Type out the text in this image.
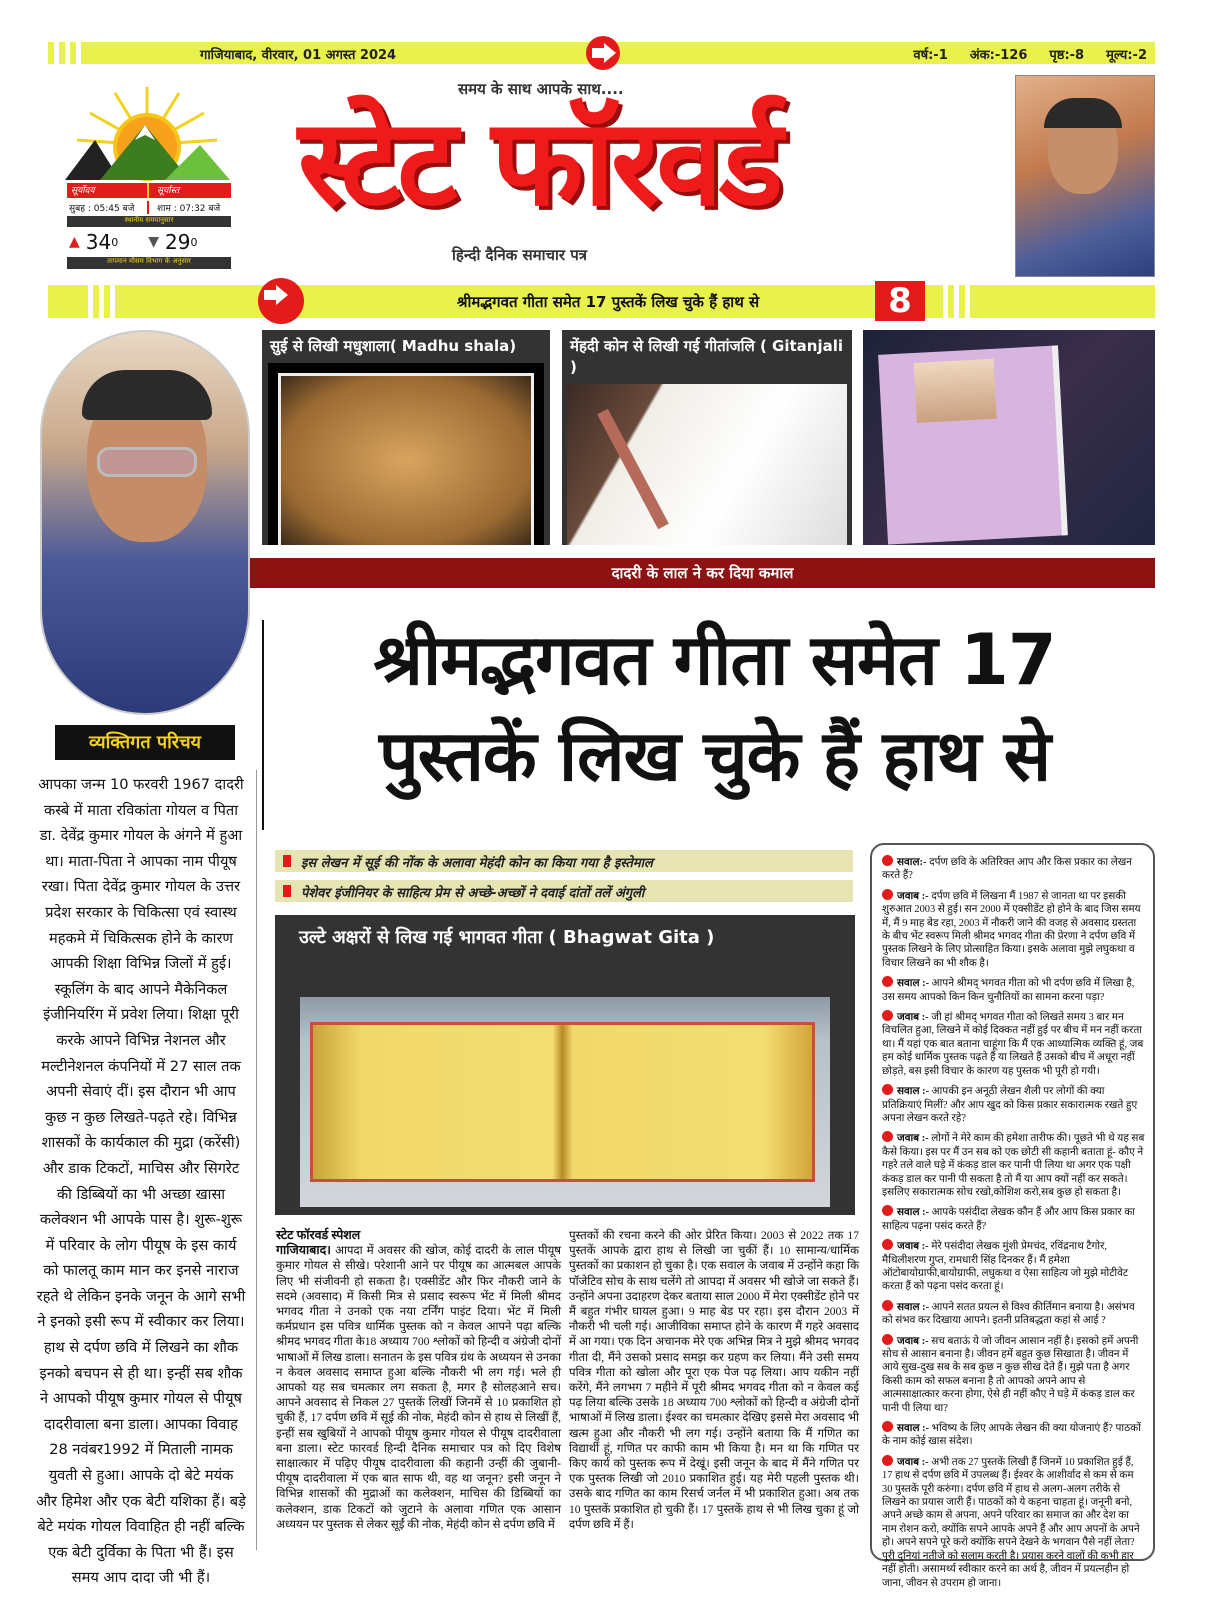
गाजियाबाद, वीरवार, 01 अगस्त 2024	वर्ष:-1 अंक:-126 पृष्ठ:-8 मूल्य:-2
सूर्योदय	सूर्यास्त
सुबह : 05:45 बजे	शाम : 07:32 बजे
स्थानीय समयानुसार
▲ 34 0 ▼ 29 0
तापमान मौसम विभाग के अनुसार
समय के साथ आपके साथ....
स्टेट फॉरवर्ड
हिन्दी दैनिक समाचार पत्र
श्रीमद्भगवत गीता समेत 17 पुस्तकें लिख चुके हैं हाथ से	8
व्यक्तिगत परिचय
आपका जन्म 10 फरवरी 1967 दादरी कस्बे में माता रविकांता गोयल व पिता डा. देवेंद्र कुमार गोयल के अंगने में हुआ था। माता-पिता ने आपका नाम पीयूष रखा। पिता देवेंद्र कुमार गोयल के उत्तर प्रदेश सरकार के चिकित्सा एवं स्वास्थ महकमे में चिकित्सक होने के कारण आपकी शिक्षा विभिन्न जिलों में हुई। स्कूलिंग के बाद आपने मैकेनिकल इंजीनियरिंग में प्रवेश लिया। शिक्षा पूरी करके आपने विभिन्न नेशनल और मल्टीनेशनल कंपनियों में 27 साल तक अपनी सेवाएं दीं। इस दौरान भी आप कुछ न कुछ लिखते-पढ़ते रहे। विभिन्न शासकों के कार्यकाल की मुद्रा (करेंसी) और डाक टिकटों, माचिस और सिगरेट की डिब्बियों का भी अच्छा खासा कलेक्शन भी आपके पास है। शुरू-शुरू में परिवार के लोग पीयूष के इस कार्य को फालतू काम मान कर इनसे नाराज रहते थे लेकिन इनके जनून के आगे सभी ने इनको इसी रूप में स्वीकार कर लिया। हाथ से दर्पण छवि में लिखने का शौक इनको बचपन से ही था। इन्हीं सब शौक ने आपको पीयूष कुमार गोयल से पीयूष दादरीवाला बना डाला। आपका विवाह 28 नवंबर1992 में मिताली नामक युवती से हुआ। आपके दो बेटे मयंक और हिमेश और एक बेटी यशिका हैं। बड़े बेटे मयंक गोयल विवाहित ही नहीं बल्कि एक बेटी दुर्विका के पिता भी हैं। इस समय आप दादा जी भी हैं।
सुई से लिखी मधुशाला( Madhu shala)	मेंहदी कोन से लिखी गई गीतांजलि ( Gitanjali )
दादरी के लाल ने कर दिया कमाल
श्रीमद्भगवत गीता समेत 17
पुस्तकें लिख चुके हैं हाथ से
इस लेखन में सूई की नोंक के अलावा मेहंदी कोन का किया गया है इस्तेमाल
पेशेवर इंजीनियर के साहित्य प्रेम से अच्छे-अच्छों ने दवाई दांतों तलें अंगुली
उल्टे अक्षरों से लिख गई भागवत गीता ( Bhagwat Gita )
स्टेट फॉरवर्ड स्पेशल
गाजियाबाद। आपदा में अवसर की खोज, कोई दादरी के लाल पीयूष कुमार गोयल से सीखे। परेशानी आने पर पीयूष का आत्मबल आपके लिए भी संजीवनी हो सकता है। एक्सीडेंट और फिर नौकरी जाने के सदमे (अवसाद) में किसी मित्र से प्रसाद स्वरूप भेंट में मिली श्रीमद भगवद गीता ने उनको एक नया टर्निंग पाइंट दिया। भेंट में मिली कर्मप्रधान इस पवित्र धार्मिक पुस्तक को न केवल आपने पढ़ा बल्कि श्रीमद भगवद गीता के18 अध्याय 700 श्लोकों को हिन्दी व अंग्रेजी दोनों भाषाओं में लिख डाला। सनातन के इस पवित्र ग्रंथ के अध्ययन से उनका न केवल अवसाद समाप्त हुआ बल्कि नौकरी भी लग गई। भले ही आपको यह सब चमत्कार लग सकता है, मगर है सोलहआने सच। आपने अवसाद से निकल 27 पुस्तकें लिखीं जिनमें से 10 प्रकाशित हो चुकी हैं, 17 दर्पण छवि में सूई की नोक, मेहंदी कोन से हाथ से लिखीं हैं, इन्हीं सब खुबियों ने आपको पीयूष कुमार गोयल से पीयूष दादरीवाला बना डाला। स्टेट फारवर्ड हिन्दी दैनिक समाचार पत्र को दिए विशेष साक्षात्कार में पढ़िए पीयूष दादरीवाला की कहानी उन्हीं की जुबानी- पीयूष दादरीवाला में एक बात साफ थी, वह था जनून? इसी जनून ने विभिन्न शासकों की मुद्राओं का कलेक्शन, माचिस की डिब्बियों का कलेक्शन, डाक टिकटों को जुटाने के अलावा गणित एक आसान अध्ययन पर पुस्तक से लेकर सूईं की नोक, मेहंदी कोन से दर्पण छवि में
पुस्तकों की रचना करने की ओर प्रेरित किया। 2003 से 2022 तक 17 पुस्तकें आपके द्वारा हाथ से लिखी जा चुकीं हैं। 10 सामान्य/धार्मिक पुस्तकों का प्रकाशन हो चुका है। एक सवाल के जवाब में उन्होंने कहा कि पॉजेटिव सोच के साथ चलेंगे तो आपदा में अवसर भी खोजे जा सकते हैं। उन्होंने अपना उदाहरण देकर बताया साल 2000 में मेरा एक्सीडेंट होने पर मैं बहुत गंभीर घायल हुआ। 9 माह बेड पर रहा। इस दौरान 2003 में नौकरी भी चली गई। आजीविका समाप्त होने के कारण मैं गहरे अवसाद में आ गया। एक दिन अचानक मेरे एक अभिन्न मित्र ने मुझे श्रीमद भगवद गीता दी, मैंने उसको प्रसाद समझ कर ग्रहण कर लिया। मैंने उसी समय पवित्र गीता को खोला और पूरा एक पेज पढ़ लिया। आप यकीन नहीं करेंगे, मैंने लगभग 7 महीने में पूरी श्रीमद भगवद गीता को न केवल कई पढ़ लिया बल्कि उसके 18 अध्याय 700 श्लोकों को हिन्दी व अंग्रेजी दोनों भाषाओं में लिख डाला। ईश्वर का चमत्कार देखिए इससे मेरा अवसाद भी खत्म हुआ और नौकरी भी लग गई। उन्होंने बताया कि मैं गणित का विद्यार्थी हूं, गणित पर काफी काम भी किया है। मन था कि गणित पर किए कार्य को पुस्तक रूप में देखूं। इसी जनून के बाद में मैंने गणित पर एक पुस्तक लिखी जो 2010 प्रकाशित हुई। यह मेरी पहली पुस्तक थी। उसके बाद गणित का काम रिसर्च जर्नल में भी प्रकाशित हुआ। अब तक 10 पुस्तकें प्रकाशित हो चुकी हैं। 17 पुस्तकें हाथ से भी लिख चुका हूं जो दर्पण छवि में हैं।

सवाल:- दर्पण छवि के अतिरिक्त आप और किस प्रकार का लेखन करते हैं?

जवाब :- दर्पण छवि में लिखना मैं 1987 से जानता था पर इसकी शुरुआत 2003 से हुई। सन 2000 में एक्सीडेंट हो होने के बाद जिस समय में, मैं 9 माह बेड रहा, 2003 में नौकरी जाने की वजह से अवसाद ग्रस्तता के बीच भेंट स्वरूप मिली श्रीमद भगवद गीता की प्रेरणा ने दर्पण छवि में पुस्तक लिखने के लिए प्रोत्साहित किया। इसके अलावा मुझे लघुकथा व विचार लिखने का भी शौक है।

सवाल :- आपने श्रीमद् भगवत गीता को भी दर्पण छवि में लिखा है, उस समय आपको किन किन चुनौतियों का सामना करना पड़ा?

जवाब :- जी हां श्रीमद् भगवत गीता को लिखते समय 3 बार मन विचलित हुआ, लिखने में कोई दिक्कत नहीं हुई पर बीच में मन नहीं करता था। मैं यहां एक बात बताना चाहूंगा कि मैं एक आध्यात्मिक व्यक्ति हूं, जब हम कोई धार्मिक पुस्तक पढ़ते हैं या लिखते हैं उसको बीच में अधूरा नहीं छोड़ते, बस इसी विचार के कारण यह पुस्तक भी पूरी हो गयी।

सवाल :- आपकी इन अनूठी लेखन शैली पर लोगों की क्या प्रतिक्रियाएं मिलीं? और आप खुद को किस प्रकार सकारात्मक रखते हुए अपना लेखन करते रहे?

जवाब :- लोगों ने मेरे काम की हमेशा तारीफ की। पूछते भी थे यह सब कैसे किया। इस पर मैं उन सब को एक छोटी सी कहानी बताता हूं- कौए ने गहरे तले वाले घड़े में कंकड़ डाल कर पानी पी लिया था अगर एक पक्षी कंकड़ डाल कर पानी पी सकता है तो मैं या आप क्यों नहीं कर सकते। इसलिए सकारात्मक सोच रखो,कोशिश करो,सब कुछ हो सकता है।

सवाल :- आपके पसंदीदा लेखक कौन हैं और आप किस प्रकार का साहित्य पढ़ना पसंद करते हैं?

जवाब :- मेरे पसंदीदा लेखक मुंशी प्रेमचंद, रविंद्रनाथ टैगोर, मैथिलीशरण गुप्त, रामधारी सिंह दिनकर हैं। मैं हमेशा ऑटोबायोग्राफी,बायोग्राफी, लघुकथा व ऐसा साहित्य जो मुझे मोटीवेट करता हैं को पढ़ना पसंद करता हूं।

सवाल :- आपने सतत प्रयत्न से विश्व कीर्तिमान बनाया है। असंभव को संभव कर दिखाया आपने। इतनी प्रतिबद्धता कहां से आई ?

जवाब :- सच बताऊं ये जो जीवन आसान नहीं है। इसको हमें अपनी सोच से आसान बनाना है। जीवन हमें बहुत कुछ सिखाता है। जीवन में आये सुख-दुख सब के सब कुछ न कुछ सीख देते हैं। मुझे पता है अगर किसी काम को सफल बनाना है तो आपको अपने आप से आत्मसाक्षात्कार करना होगा, ऐसे ही नहीं कौए ने घड़े में कंकड़ डाल कर पानी पी लिया था?

सवाल :- भविष्य के लिए आपके लेखन की क्या योजनाएं हैं? पाठकों के नाम कोई खास संदेश।

जवाब :- अभी तक 27 पुस्तकें लिखी हैं जिनमें 10 प्रकाशित हुई हैं, 17 हाथ से दर्पण छवि में उपलब्ध हैं। ईश्वर के आशीर्वाद से कम से कम 30 पुस्तकें पूरी करुंगा। दर्पण छवि में हाथ से अलग-अलग तरीके से लिखने का प्रयास जारी हैं। पाठकों को ये कहना चाहता हूं। जनूनी बनो, अपने अच्छे काम से अपना, अपने परिवार का समाज का और देश का नाम रोशन करो, क्योंकि सपने आपके अपने हैं और आप अपनों के अपने हो। अपने सपने पूरे करो क्योंकि सपने देखने के भगवान पैसे नहीं लेता? पूरी दुनियां नतीजे को सलाम करती है। प्रयास करने वालों की कभी हार नहीं होती। असामर्थ्य स्वीकार करने का अर्थ है, जीवन में प्रयत्नहीन हो जाना, जीवन से उपराम हो जाना।
